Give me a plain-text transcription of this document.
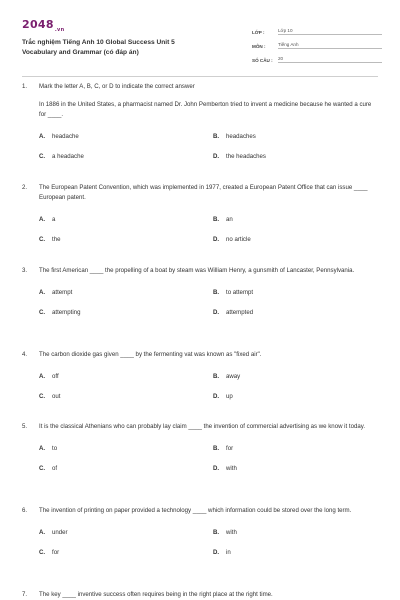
$2048_{.vn}$
Trắc nghiệm Tiếng Anh 10 Global Success Unit 5
Vocabulary and Grammar (có đáp án)
LỚP :	Lớp 10
MÔN :	Tiếng Anh
SỐ CÂU :	20
1. Mark the letter A, B, C, or D to indicate the correct answer
In 1886 in the United States, a pharmacist named Dr. John Pemberton tried to invent a medicine because he wanted a cure for ____.
A. headache	B. headaches
C. a headache	D. the headaches
2. The European Patent Convention, which was implemented in 1977, created a European Patent Office that can issue ____ European patent.
A. a	B. an
C. the	D. no article
3. The first American ____ the propelling of a boat by steam was William Henry, a gunsmith of Lancaster, Pennsylvania.
A. attempt	B. to attempt
C. attempting	D. attempted
4. The carbon dioxide gas given ____ by the fermenting vat was known as "fixed air".
A. off	B. away
C. out	D. up
5. It is the classical Athenians who can probably lay claim ____ the invention of commercial advertising as we know it today.
A. to	B. for
C. of	D. with
6. The invention of printing on paper provided a technology ____ which information could be stored over the long term.
A. under	B. with
C. for	D. in
7. The key ____ inventive success often requires being in the right place at the right time.
